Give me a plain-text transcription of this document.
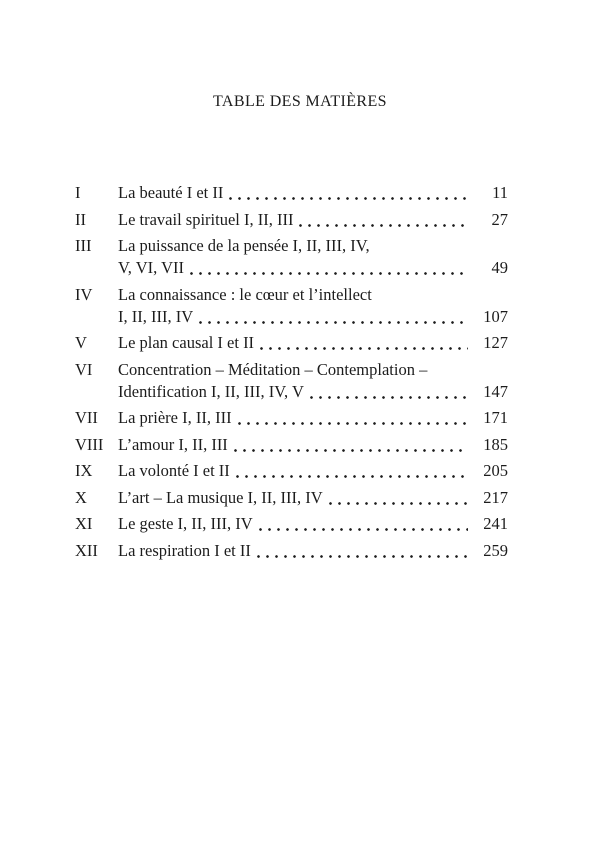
TABLE DES MATIÈRES
I	La beauté I et II	11
II	Le travail spirituel I, II, III	27
III	La puissance de la pensée I, II, III, IV,
V, VI, VII	49
IV	La connaissance : le cœur et l’intellect
I, II, III, IV	107
V	Le plan causal I et II	127
VI	Concentration – Méditation – Contemplation –
Identification I, II, III, IV, V	147
VII	La prière I, II, III	171
VIII L’amour I, II, III	185
IX	La volonté I et II	205
X	L’art – La musique I, II, III, IV	217
XI	Le geste I, II, III, IV	241
XII	La respiration I et II	259
